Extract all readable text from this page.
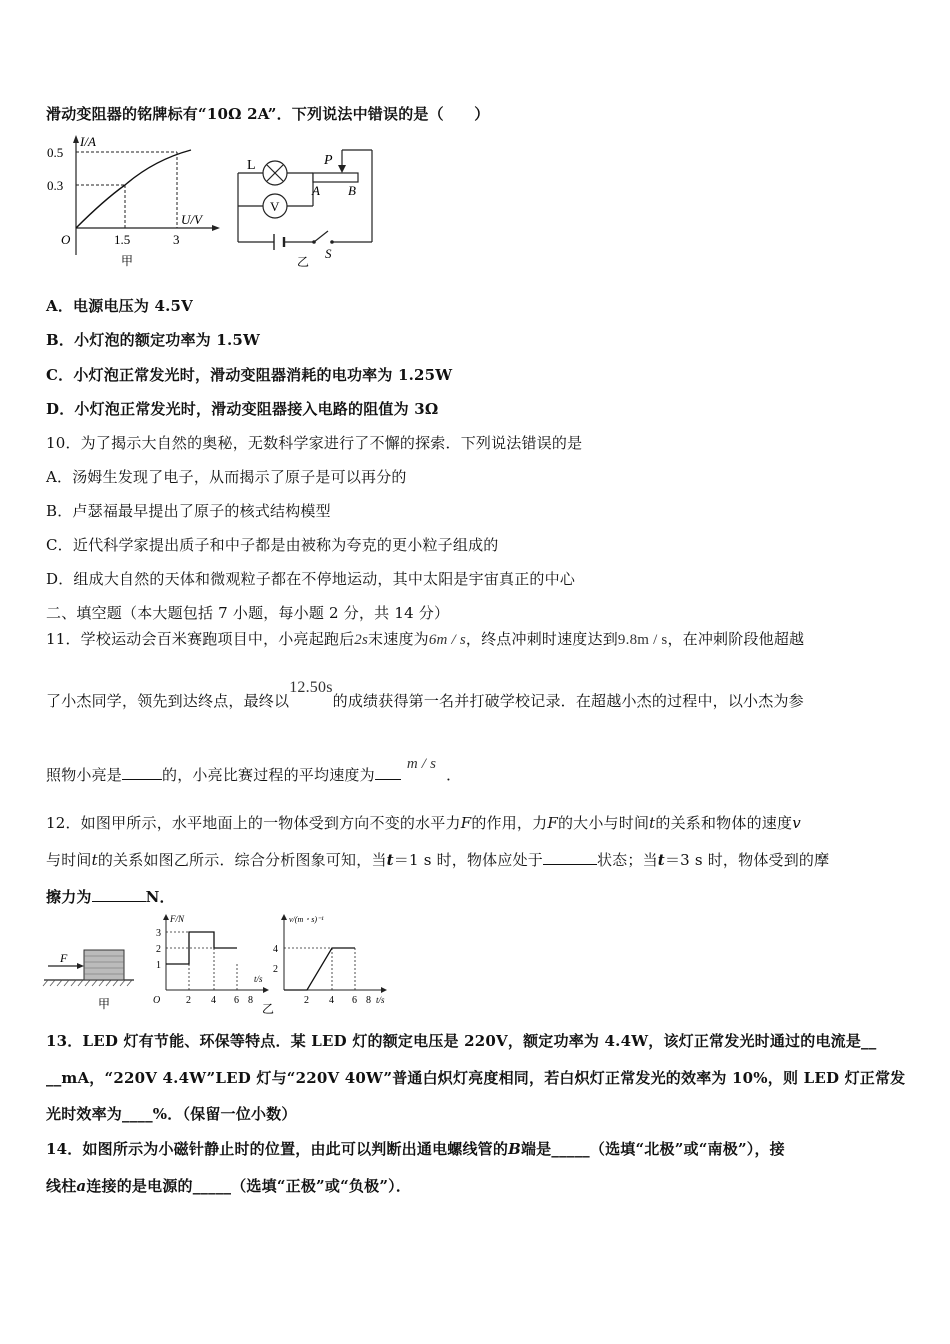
滑动变阻器的铭牌标有“10Ω 2A”．下列说法中错误的是（　　）
I/A
U/V
0.5
0.3
O	1.5	3
甲
V
L	P
A B
S
乙
A．电源电压为 4.5V
B．小灯泡的额定功率为 1.5W
C．小灯泡正常发光时，滑动变阻器消耗的电功率为 1.25W
D．小灯泡正常发光时，滑动变阻器接入电路的阻值为 3Ω
10．为了揭示大自然的奥秘，无数科学家进行了不懈的探索．下列说法错误的是
A．汤姆生发现了电子，从而揭示了原子是可以再分的
B．卢瑟福最早提出了原子的核式结构模型
C．近代科学家提出质子和中子都是由被称为夸克的更小粒子组成的
D．组成大自然的天体和微观粒子都在不停地运动，其中太阳是宇宙真正的中心
二、填空题（本大题包括 7 小题，每小题 2 分，共 14 分）
11．学校运动会百米赛跑项目中，小亮起跑后2s末速度为6m / s，终点冲刺时速度达到9.8m / s，在冲刺阶段他超越
了小杰同学，领先到达终点，最终以12.50s的成绩获得第一名并打破学校记录．在超越小杰的过程中，以小杰为参
照物小亮是	的，小亮比赛过程的平均速度为m / s．
12．如图甲所示，水平地面上的一物体受到方向不变的水平力F的作用，力F的大小与时间t的关系和物体的速度v
与时间t的关系如图乙所示．综合分析图象可知，当t＝1 s 时，物体应处于	状态；当t＝3 s 时，物体受到的摩
擦力为	N．
F
甲
F/N
t/s
3
2
1
O	2 4 6 8
乙
v/(m・s)⁻¹
4
2
2 4 6 8 t/s
13．LED 灯有节能、环保等特点．某 LED 灯的额定电压是 220V，额定功率为 4.4W，该灯正常发光时通过的电流是__
__mA，“220V 4.4W”LED 灯与“220V 40W”普通白炽灯亮度相同，若白炽灯正常发光的效率为 10%，则 LED 灯正常发
光时效率为____%．（保留一位小数）
14．如图所示为小磁针静止时的位置，由此可以判断出通电螺线管的B端是_____（选填“北极”或“南极”），接
线柱a连接的是电源的_____（选填“正极”或“负极”）．
